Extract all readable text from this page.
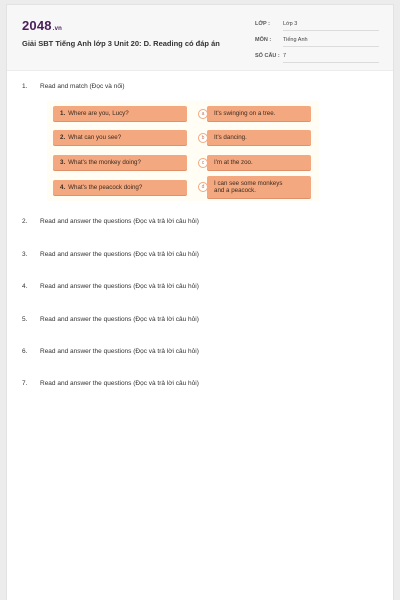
2048.vn
Giải SBT Tiếng Anh lớp 3 Unit 20: D. Reading có đáp án
LỚP :	Lớp 3
MÔN :	Tiếng Anh
SỐ CÂU : 7
1.	Read and match (Đọc và nối)
1. Where are you, Lucy?	a	It's swinging on a tree.
2. What can you see?	b	It's dancing.
3. What's the monkey doing?	c	I'm at the zoo.
4. What's the peacock doing?	d
I can see some monkeys
and a peacock.
2.	Read and answer the questions (Đọc và trả lời câu hỏi)
3.	Read and answer the questions (Đọc và trả lời câu hỏi)
4.	Read and answer the questions (Đọc và trả lời câu hỏi)
5.	Read and answer the questions (Đọc và trả lời câu hỏi)
6.	Read and answer the questions (Đọc và trả lời câu hỏi)
7.	Read and answer the questions (Đọc và trả lời câu hỏi)
